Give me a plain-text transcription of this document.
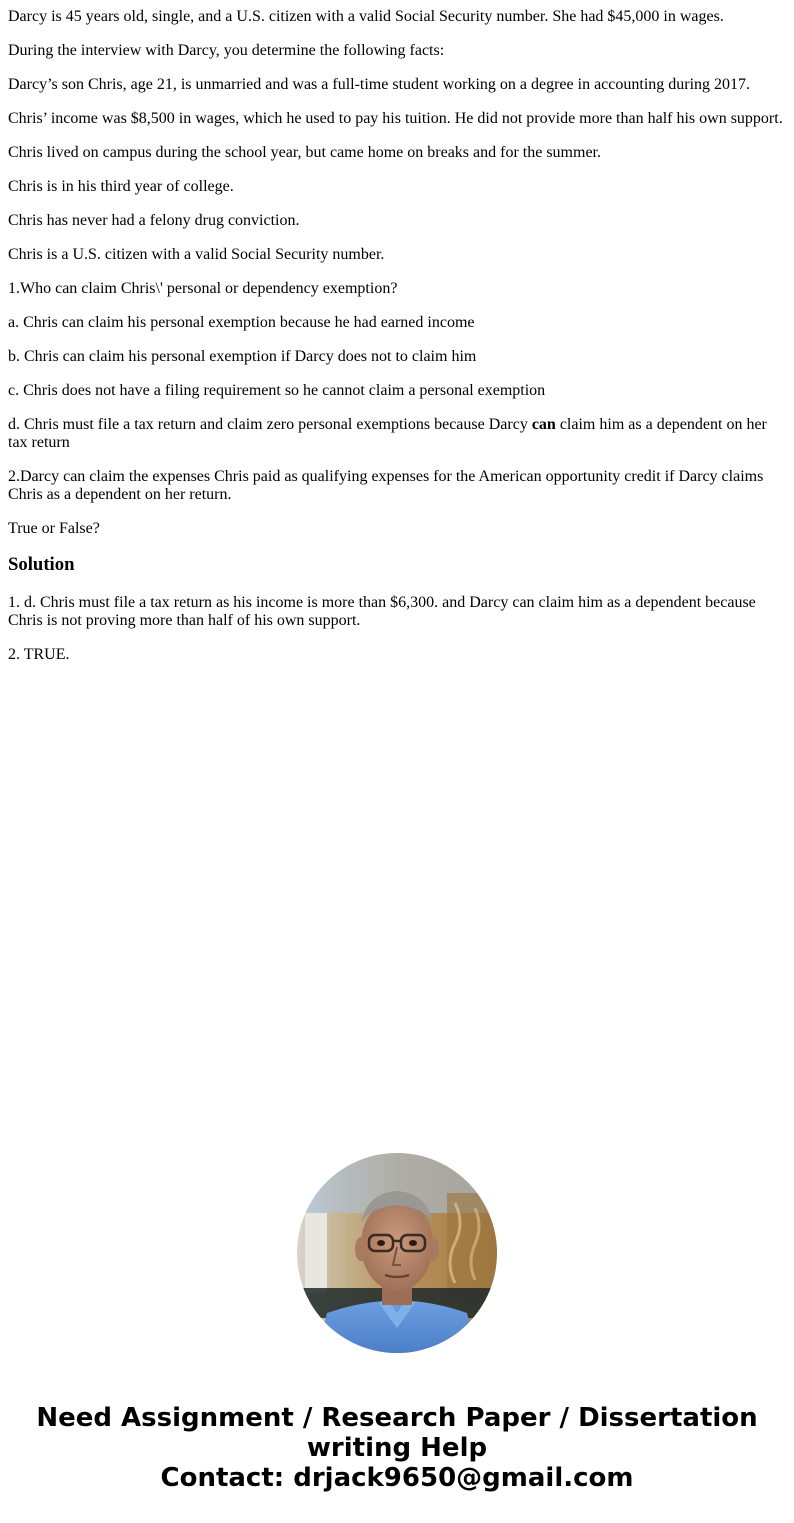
Darcy is 45 years old, single, and a U.S. citizen with a valid Social Security number. She had $45,000 in wages.

During the interview with Darcy, you determine the following facts:

Darcy’s son Chris, age 21, is unmarried and was a full-time student working on a degree in accounting during 2017.

Chris’ income was $8,500 in wages, which he used to pay his tuition. He did not provide more than half his own support.

Chris lived on campus during the school year, but came home on breaks and for the summer.

Chris is in his third year of college.

Chris has never had a felony drug conviction.

Chris is a U.S. citizen with a valid Social Security number.

1.Who can claim Chris\' personal or dependency exemption?

a. Chris can claim his personal exemption because he had earned income

b. Chris can claim his personal exemption if Darcy does not to claim him

c. Chris does not have a filing requirement so he cannot claim a personal exemption

d. Chris must file a tax return and claim zero personal exemptions because Darcy can claim him as a dependent on her tax return

2.Darcy can claim the expenses Chris paid as qualifying expenses for the American opportunity credit if Darcy claims Chris as a dependent on her return.

True or False?

Solution

1. d. Chris must file a tax return as his income is more than $6,300. and Darcy can claim him as a dependent because Chris is not proving more than half of his own support.

2. TRUE.

Need Assignment / Research Paper / Dissertation
writing Help
Contact: drjack9650@gmail.com
